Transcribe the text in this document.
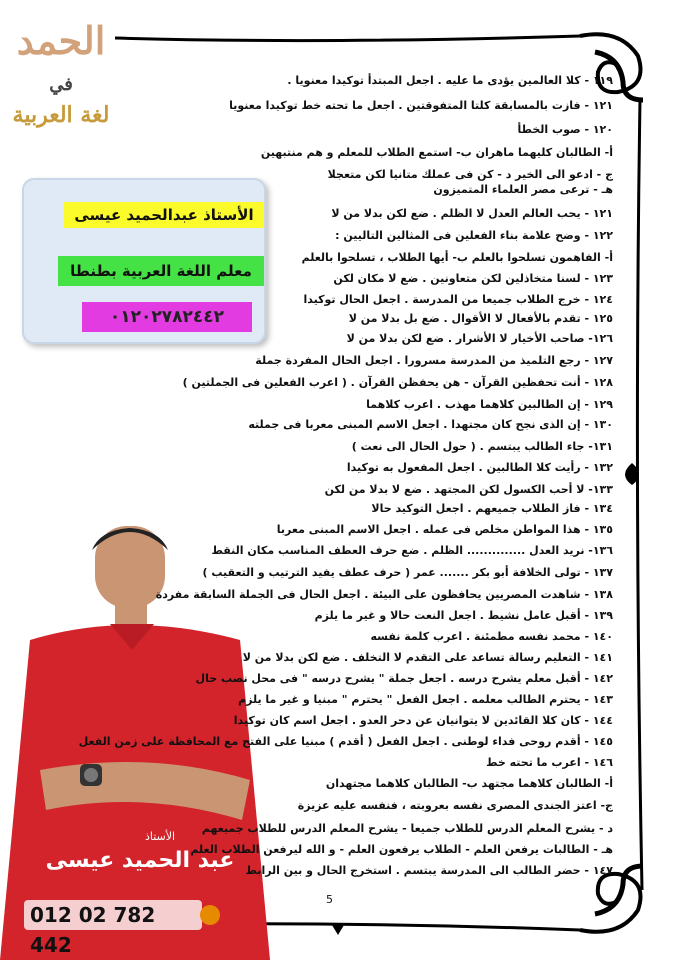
الحمد
في
لغة العربية
الأستاذ عبدالحميد عيسى
معلم اللغة العربية بطنطا
٠١٢٠٢٧٨٢٤٤٢
الأستاذ
عبد الحميد عيسى
012 02 782 442
١١٩ - كلا العالمين يؤدى ما عليه . اجعل المبتدأ توكيدا معنويا .
١٢١ - فازت بالمسابقة كلتا المتفوقتين . اجعل ما تحته خط توكيدا معنويا
١٢٠ - صوب الخطأ
أ- الطالبان كليهما ماهران ب- استمع الطلاب للمعلم و هم منتبهين
ج - ادعو الى الخير د - كن فى عملك متانيا لكن متعجلا
هـ - ترعى مصر العلماء المتميزون
١٢١ - يحب العالم العدل لا الظلم . ضع لكن بدلا من لا
١٢٢ - وضح علامة بناء الفعلين فى المثالين التاليين :
أ- الفاهمون تسلحوا بالعلم ب- أيها الطلاب ، تسلحوا بالعلم
١٢٣ - لسنا متخاذلين لكن متعاونين . ضع لا مكان لكن
١٢٤ - خرج الطلاب جميعا من المدرسة . اجعل الحال توكيدا
١٢٥ - تقدم بالأفعال لا الأقوال . ضع بل بدلا من لا
١٢٦- صاحب الأخيار لا الأشرار . ضع لكن بدلا من لا
١٢٧ - رجع التلميذ من المدرسة مسرورا . اجعل الحال المفردة جملة
١٢٨ - أنت تحفظين القرآن - هن يحفظن القرآن . ( اعرب الفعلين فى الجملتين )
١٢٩ - إن الطالبين كلاهما مهذب . اعرب كلاهما
١٣٠ - إن الذى نجح كان مجتهدا . اجعل الاسم المبنى معربا فى جملته
١٣١- جاء الطالب يبتسم . ( حول الحال الى نعت )
١٣٢ - رأيت كلا الطالبين . اجعل المفعول به توكيدا
١٣٣- لا أحب الكسول لكن المجتهد . ضع لا بدلا من لكن
١٣٤ - فاز الطلاب جميعهم . اجعل التوكيد حالا
١٣٥ - هذا المواطن مخلص فى عمله . اجعل الاسم المبنى معربا
١٣٦- نريد العدل .............. الظلم . ضع حرف العطف المناسب مكان النقط
١٣٧ - تولى الخلافة أبو بكر ....... عمر ( حرف عطف يفيد الترتيب و التعقيب )
١٣٨ - شاهدت المصريين يحافظون على البيئة . اجعل الحال فى الجملة السابقة مفردة
١٣٩ - أقبل عامل نشيط . اجعل النعت حالا و غير ما يلزم
١٤٠ - محمد نفسه مطمئنة . اعرب كلمة نفسه
١٤١ - التعليم رسالة تساعد على التقدم لا التخلف . ضع لكن بدلا من لا
١٤٢ - أقبل معلم يشرح درسه . اجعل جملة " يشرح درسه " فى محل نصب حال
١٤٣ - يحترم الطالب معلمه . اجعل الفعل " يحترم " مبنيا و غير ما يلزم
١٤٤ - كان كلا القائدين لا يتوانيان عن دحر العدو . اجعل اسم كان توكيدا
١٤٥ - أقدم روحى فداء لوطنى . اجعل الفعل ( أقدم ) مبنيا على الفتح مع المحافظة على زمن الفعل
١٤٦ - اعرب ما تحته خط
أ- الطالبان كلاهما مجتهد ب- الطالبان كلاهما مجتهدان
ج- اعتز الجندى المصرى نفسه بعروبته ، فنفسه عليه عزيزة
د - يشرح المعلم الدرس للطلاب جميعا - يشرح المعلم الدرس للطلاب جميعهم
هـ - الطالبات يرفعن العلم - الطلاب يرفعون العلم - و الله ليرفعن الطلاب العلم
١٤٧ - حضر الطالب الى المدرسة يبتسم . استخرج الحال و بين الرابط
5
